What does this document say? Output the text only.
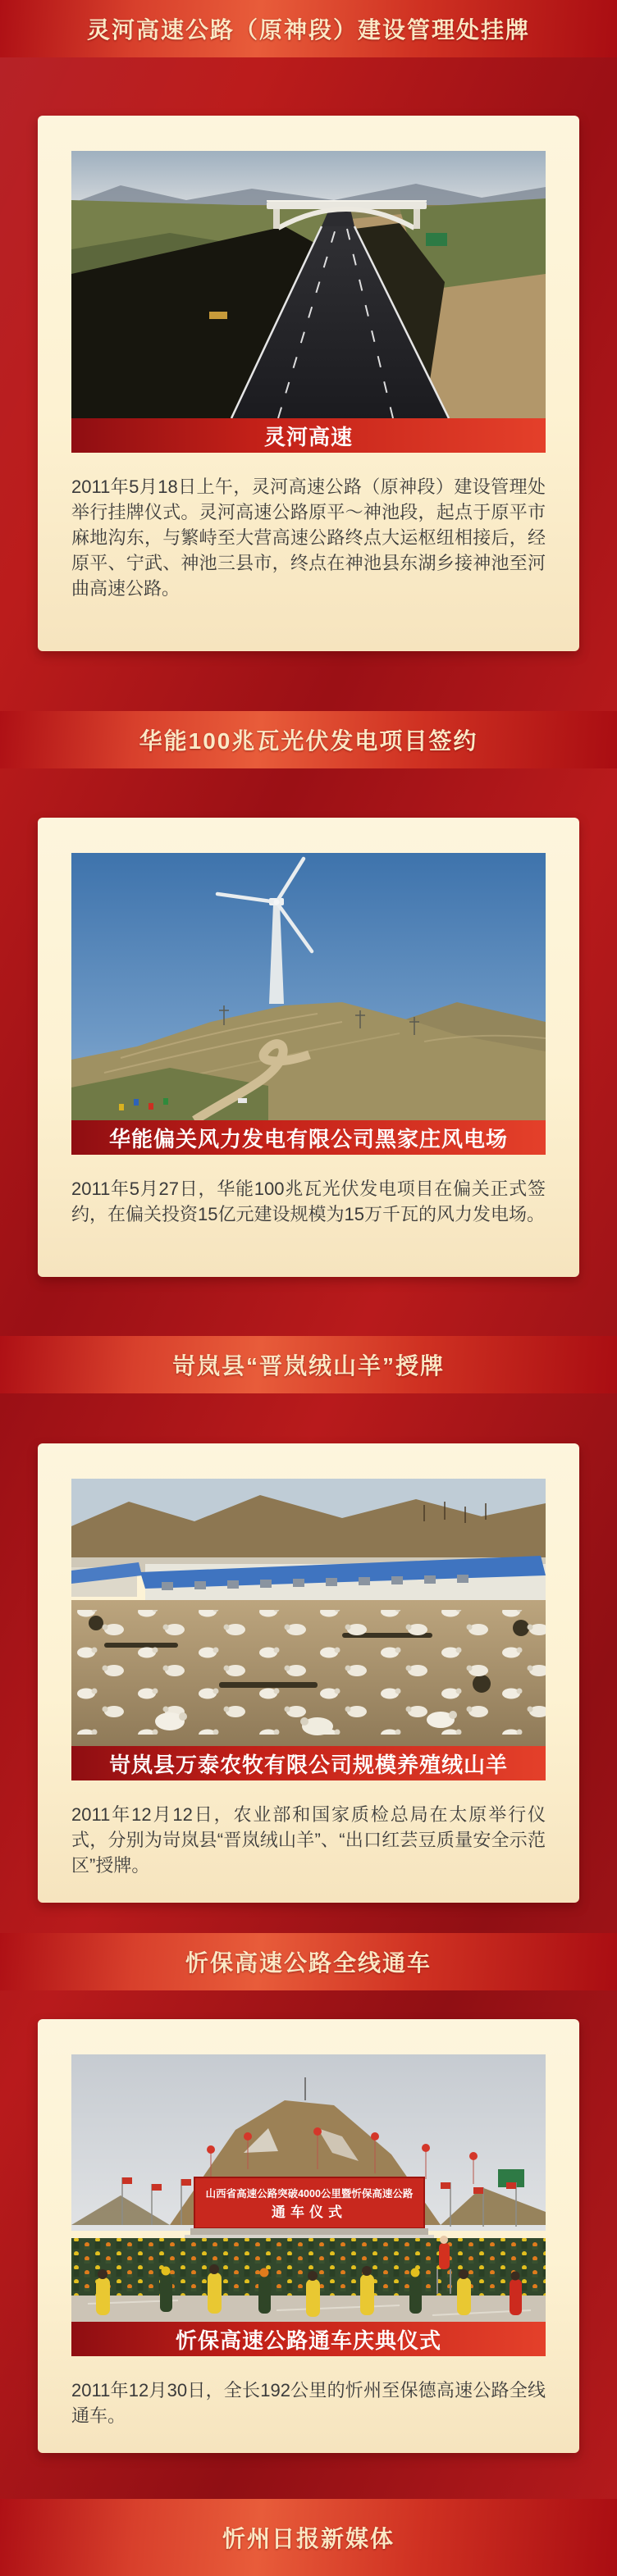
灵河高速公路（原神段）建设管理处挂牌
灵河高速

2011年5月18日上午，灵河高速公路（原神段）建设管理处举行挂牌仪式。灵河高速公路原平～神池段，起点于原平市麻地沟东，与繁峙至大营高速公路终点大运枢纽相接后，经原平、宁武、神池三县市，终点在神池县东湖乡接神池至河曲高速公路。

华能100兆瓦光伏发电项目签约
华能偏关风力发电有限公司黑家庄风电场

2011年5月27日，华能100兆瓦光伏发电项目在偏关正式签约，在偏关投资15亿元建设规模为15万千瓦的风力发电场。

岢岚县“晋岚绒山羊”授牌
岢岚县万泰农牧有限公司规模养殖绒山羊

2011年12月12日，农业部和国家质检总局在太原举行仪式，分别为岢岚县“晋岚绒山羊”、“出口红芸豆质量安全示范区”授牌。

忻保高速公路全线通车
山西省高速公路突破4000公里暨忻保高速公路
通车仪式
忻保高速公路通车庆典仪式

2011年12月30日，全长192公里的忻州至保德高速公路全线通车。

忻州日报新媒体
